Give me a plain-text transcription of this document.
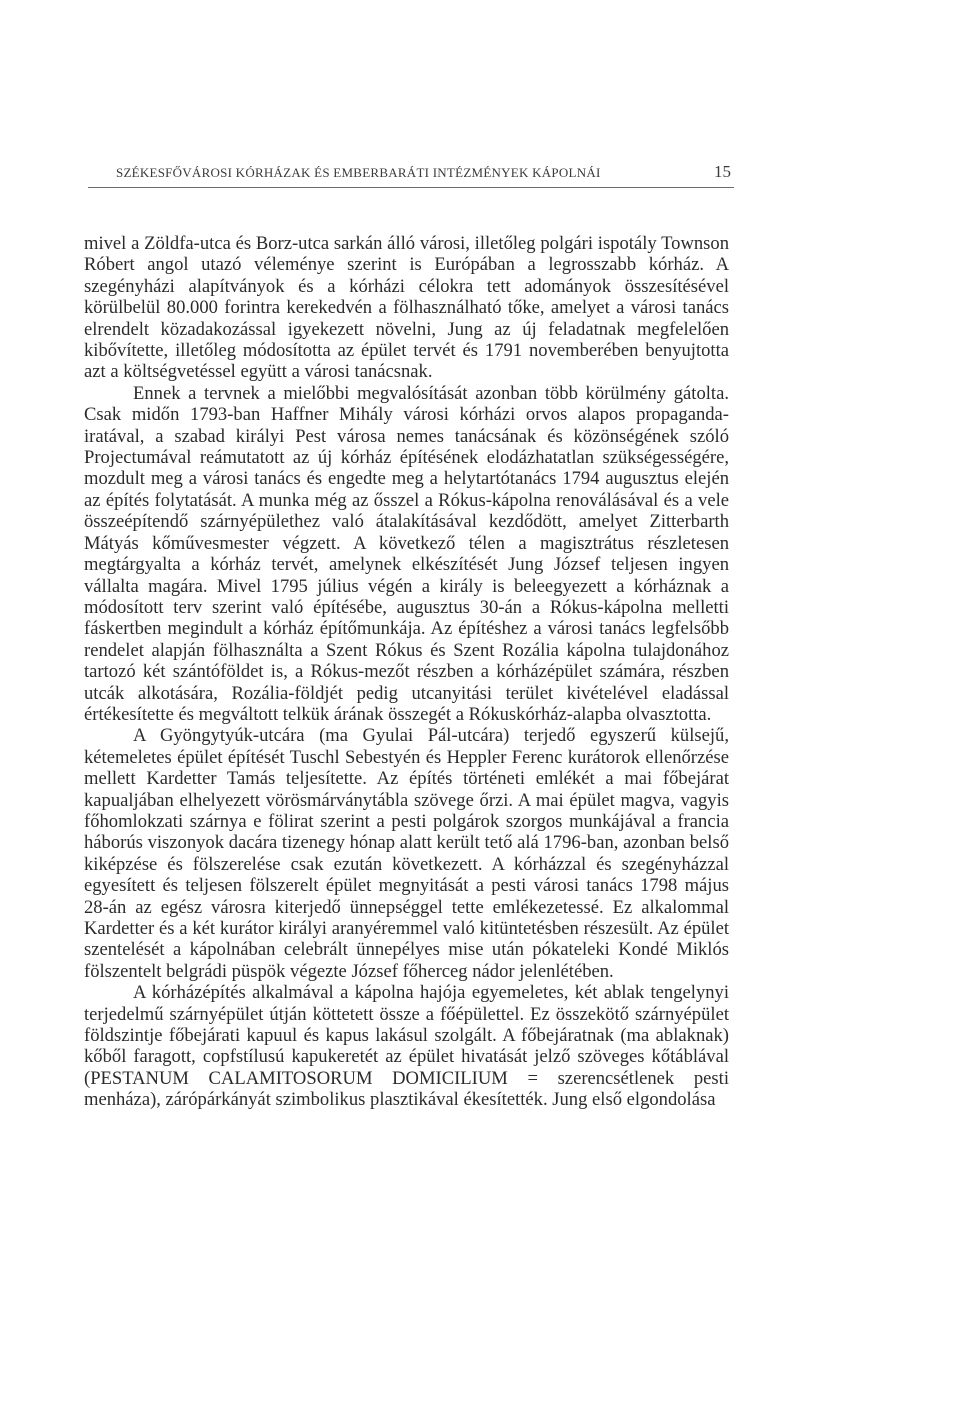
SZÉKESFŐVÁROSI KÓRHÁZAK ÉS EMBERBARÁTI INTÉZMÉNYEK KÁPOLNÁI	15

mivel a Zöldfa-utca és Borz-utca sarkán álló városi, illetőleg polgári ispotály Townson Róbert angol utazó véleménye szerint is Európában a legrosszabb kórház. A szegényházi alapítványok és a kórházi célokra tett adományok összesítésével körülbelül 80.000 forintra kerekedvén a fölhasználható tőke, amelyet a városi tanács elrendelt közadakozással igyekezett növelni, Jung az új feladatnak megfelelően kibővítette, illetőleg módosította az épület tervét és 1791 novemberében benyujtotta azt a költségvetéssel együtt a városi tanácsnak.

Ennek a tervnek a mielőbbi megvalósítását azonban több körülmény gátolta. Csak midőn 1793-ban Haffner Mihály városi kórházi orvos alapos propaganda-iratával, a szabad királyi Pest városa nemes tanácsának és közönségének szóló Projectumával reámutatott az új kórház építésének elodázhatatlan szükségességére, mozdult meg a városi tanács és engedte meg a helytartótanács 1794 augusztus elején az építés folytatását. A munka még az ősszel a Rókus-kápolna renoválásával és a vele összeépítendő szárnyépülethez való átalakításával kezdődött, amelyet Zitterbarth Mátyás kőművesmester végzett. A következő télen a magisztrátus részletesen megtárgyalta a kórház tervét, amelynek elkészítését Jung József teljesen ingyen vállalta magára. Mivel 1795 július végén a király is beleegyezett a kórháznak a módosított terv szerint való építésébe, augusztus 30-án a Rókus-kápolna melletti fáskertben megindult a kórház építőmunkája. Az építéshez a városi tanács legfelsőbb rendelet alapján fölhasználta a Szent Rókus és Szent Rozália kápolna tulajdonához tartozó két szántóföldet is, a Rókus-mezőt részben a kórházépület számára, részben utcák alkotására, Rozália-földjét pedig utcanyitási terület kivételével eladással értékesítette és megváltott telkük árának összegét a Rókuskórház-alapba olvasztotta.

A Gyöngytyúk-utcára (ma Gyulai Pál-utcára) terjedő egyszerű külsejű, kétemeletes épület építését Tuschl Sebestyén és Heppler Ferenc kurátorok ellenőrzése mellett Kardetter Tamás teljesítette. Az építés történeti emlékét a mai főbejárat kapualjában elhelyezett vörösmárványtábla szövege őrzi. A mai épület magva, vagyis főhomlokzati szárnya e fölirat szerint a pesti polgárok szorgos munkájával a francia háborús viszonyok dacára tizenegy hónap alatt került tető alá 1796-ban, azonban belső kiképzése és fölszerelése csak ezután következett. A kórházzal és szegényházzal egyesített és teljesen fölszerelt épület megnyitását a pesti városi tanács 1798 május 28-án az egész városra kiterjedő ünnepséggel tette emlékezetessé. Ez alkalommal Kardetter és a két kurátor királyi aranyéremmel való kitüntetésben részesült. Az épület szentelését a kápolnában celebrált ünnepélyes mise után pókateleki Kondé Miklós fölszentelt belgrádi püspök végezte József főherceg nádor jelenlétében.

A kórházépítés alkalmával a kápolna hajója egyemeletes, két ablak tengelynyi terjedelmű szárnyépület útján köttetett össze a főépülettel. Ez összekötő szárnyépület földszintje főbejárati kapuul és kapus lakásul szolgált. A főbejáratnak (ma ablaknak) kőből faragott, copfstílusú kapukeretét az épület hivatását jelző szöveges kőtáblával (PESTANUM CALAMITOSORUM DOMICILIUM = szerencsétlenek pesti menháza), zárópárkányát szimbolikus plasztikával ékesítették. Jung első elgondolása
